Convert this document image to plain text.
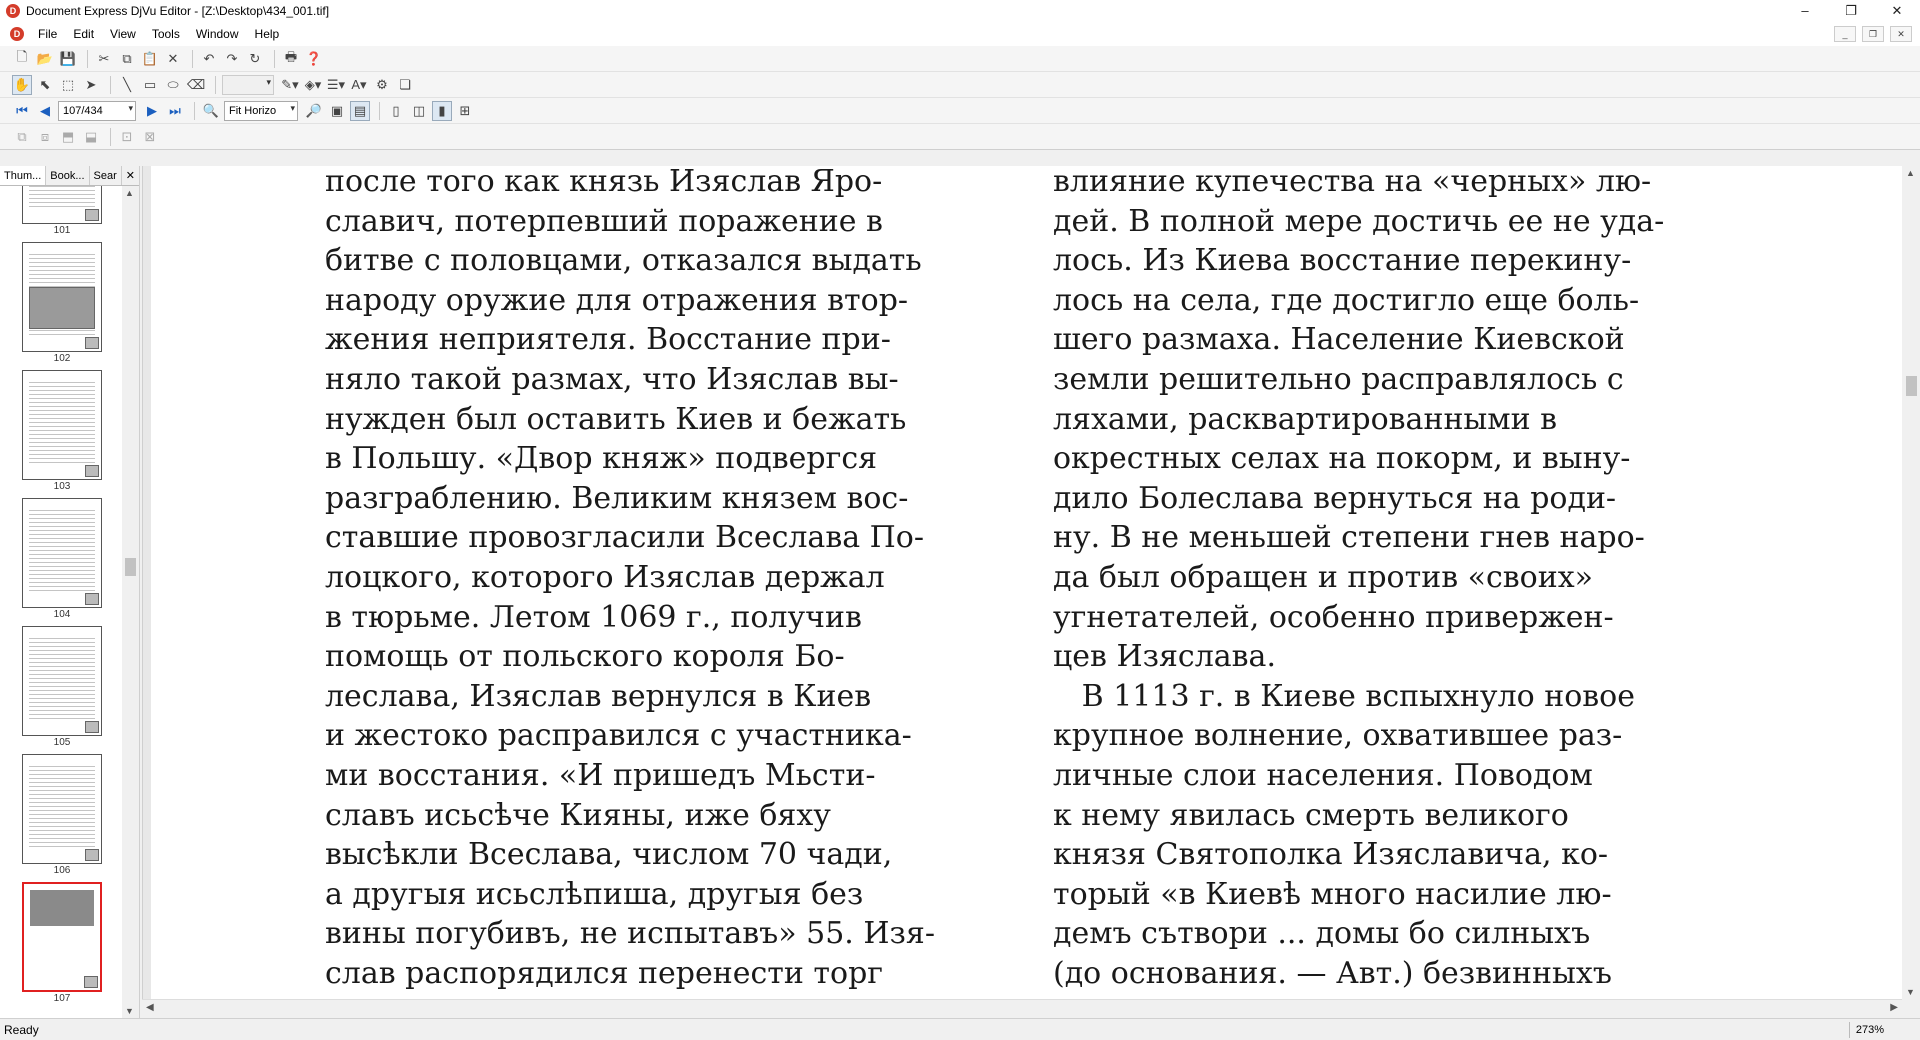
D Document Express DjVu Editor - [Z:\Desktop\434_001.tif]	–	❐	✕
D	File	Edit	View	Tools	Window	Help	_	❐	✕
🗋 📂 💾	✂ ⧉ 📋 ✕	↶ ↷ ↻	🖶 ❓
✋ ⬉ ⬚ ➤	╲ ▭ ⬭ ⌫	▾ ✎▾ ◈▾ ☰▾ A▾ ⚙ ❏
⏮ ◀	107/434	▾	▶ ⏭	🔍 Fit Horizo ▾ 🔎 ▣ ▤	▯	◫	▮	⊞
⧉	⧈ ⬒ ⬓	⊡ ⊠
Thum... Book... Sear ✕
101
102
103
104
105
106
107
▲
▼
после того как князь Изяслав Яро-
славич, потерпевший поражение в
битве с половцами, отказался выдать
народу оружие для отражения втор-
жения неприятеля. Восстание при-
няло такой размах, что Изяслав вы-
нужден был оставить Киев и бежать
в Польшу. «Двор княж» подвергся
разграблению. Великим князем вос-
ставшие провозгласили Всеслава По-
лоцкого, которого Изяслав держал
в тюрьме. Летом 1069 г., получив
помощь от польского короля Бо-
леслава, Изяслав вернулся в Киев
и жестоко расправился с участника-
ми восстания. «И пришедъ Мьсти-
славъ исьсѣче Кияны, иже бяху
высѣкли Всеслава, числом 70 чади,
а другыя исьслѣпиша, другыя без
вины погубивъ, не испытавъ» 55. Изя-
слав распорядился перенести торг
влияние купечества на «черных» лю-
дей. В полной мере достичь ее не уда-
лось. Из Киева восстание перекину-
лось на села, где достигло еще боль-
шего размаха. Население Киевской
земли решительно расправлялось с
ляхами, расквартированными в
окрестных селах на покорм, и выну-
дило Болеслава вернуться на роди-
ну. В не меньшей степени гнев наро-
да был обращен и против «своих»
угнетателей, особенно привержен-
цев Изяслава.
В 1113 г. в Киеве вспыхнуло новое
крупное волнение, охватившее раз-
личные слои населения. Поводом
к нему явилась смерть великого
князя Святополка Изяславича, ко-
торый «в Киевѣ много насилие лю-
демъ сътвори ... домы бо силныхъ
(до основания. — Авт.) безвинныхъ
▲
▼
◀	▶
Ready	273%
